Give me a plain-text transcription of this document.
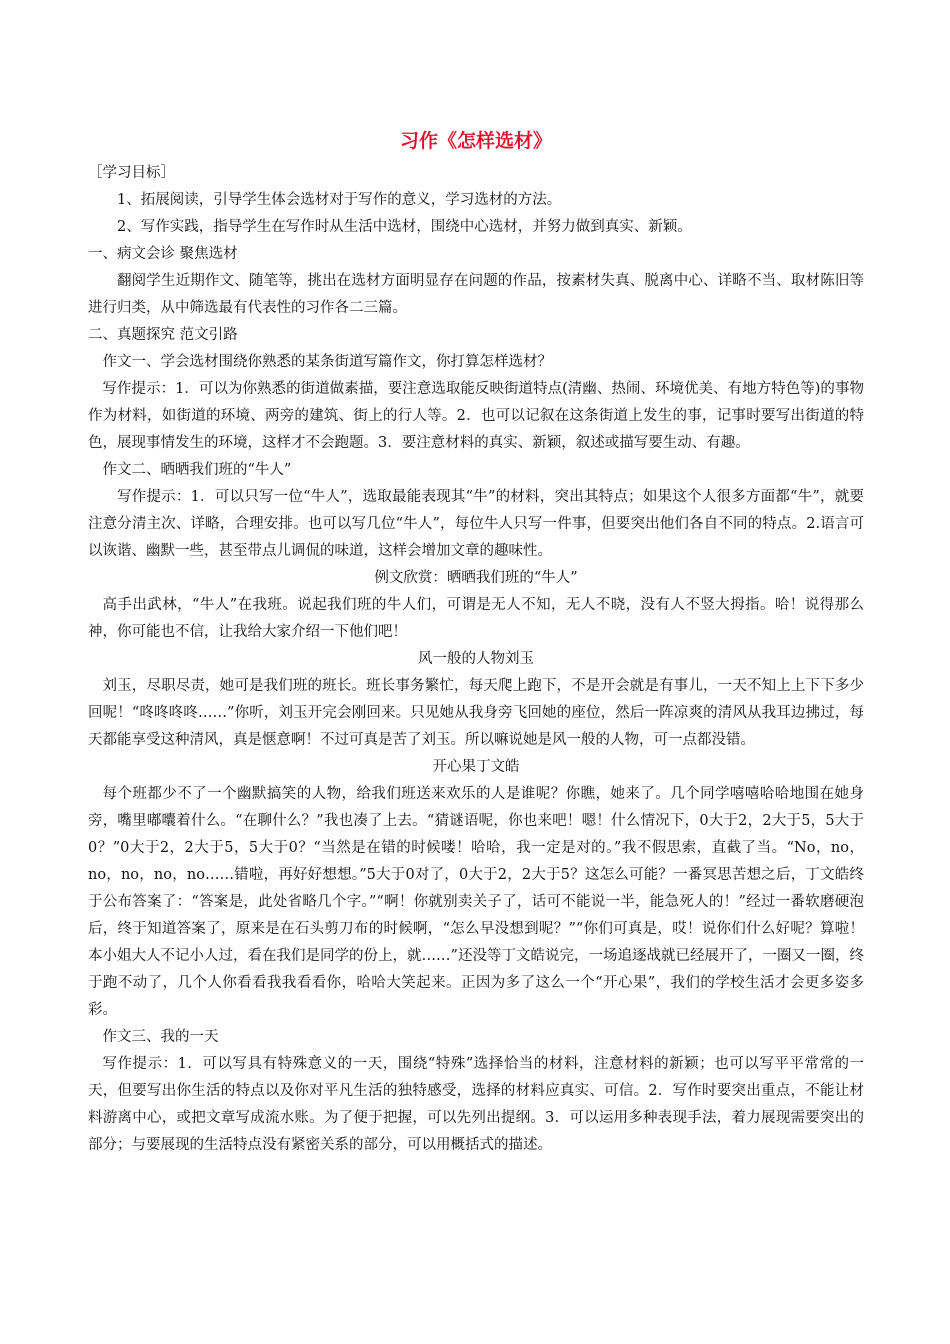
习作《怎样选材》

［学习目标］

1、拓展阅读，引导学生体会选材对于写作的意义，学习选材的方法。

2、写作实践，指导学生在写作时从生活中选材，围绕中心选材，并努力做到真实、新颖。

一、病文会诊 聚焦选材

翻阅学生近期作文、随笔等，挑出在选材方面明显存在问题的作品，按素材失真、脱离中心、详略不当、取材陈旧等进行归类，从中筛选最有代表性的习作各二三篇。

二、真题探究 范文引路

作文一、学会选材围绕你熟悉的某条街道写篇作文，你打算怎样选材？

写作提示：1．可以为你熟悉的街道做素描，要注意选取能反映街道特点(清幽、热闹、环境优美、有地方特色等)的事物作为材料，如街道的环境、两旁的建筑、街上的行人等。2．也可以记叙在这条街道上发生的事，记事时要写出街道的特色，展现事情发生的环境，这样才不会跑题。3．要注意材料的真实、新颖，叙述或描写要生动、有趣。

作文二、晒晒我们班的“牛人”

写作提示：1．可以只写一位“牛人”，选取最能表现其“牛”的材料，突出其特点；如果这个人很多方面都“牛”，就要注意分清主次、详略，合理安排。也可以写几位“牛人”，每位牛人只写一件事，但要突出他们各自不同的特点。2.语言可以诙谐、幽默一些，甚至带点儿调侃的味道，这样会增加文章的趣味性。

例文欣赏：晒晒我们班的“牛人”

高手出武林，“牛人”在我班。说起我们班的牛人们，可谓是无人不知，无人不晓，没有人不竖大拇指。哈！说得那么神，你可能也不信，让我给大家介绍一下他们吧！

风一般的人物刘玉

刘玉，尽职尽责，她可是我们班的班长。班长事务繁忙，每天爬上跑下，不是开会就是有事儿，一天不知上上下下多少回呢！“咚咚咚咚……”你听，刘玉开完会刚回来。只见她从我身旁飞回她的座位，然后一阵凉爽的清风从我耳边拂过，每天都能享受这种清风，真是惬意啊！不过可真是苦了刘玉。所以嘛说她是风一般的人物，可一点都没错。

开心果丁文皓

每个班都少不了一个幽默搞笑的人物，给我们班送来欢乐的人是谁呢？你瞧，她来了。几个同学嘻嘻哈哈地围在她身旁，嘴里嘟囔着什么。“在聊什么？”我也凑了上去。“猜谜语呢，你也来吧！嗯！什么情况下，0大于2，2大于5，5大于0？”0大于2，2大于5，5大于0？“当然是在错的时候喽！哈哈，我一定是对的。”我不假思索，直截了当。“No，no，no，no，no，no……错啦，再好好想想。”5大于0对了，0大于2，2大于5？这怎么可能？一番冥思苦想之后，丁文皓终于公布答案了：“答案是，此处省略几个字。”“啊！你就别卖关子了，话可不能说一半，能急死人的！”经过一番软磨硬泡后，终于知道答案了，原来是在石头剪刀布的时候啊，“怎么早没想到呢？”“你们可真是，哎！说你们什么好呢？算啦！本小姐大人不记小人过，看在我们是同学的份上，就……”还没等丁文皓说完，一场追逐战就已经展开了，一圈又一圈，终于跑不动了，几个人你看看我我看看你，哈哈大笑起来。正因为多了这么一个“开心果”，我们的学校生活才会更多姿多彩。

作文三、我的一天

写作提示：1．可以写具有特殊意义的一天，围绕“特殊”选择恰当的材料，注意材料的新颖；也可以写平平常常的一天，但要写出你生活的特点以及你对平凡生活的独特感受，选择的材料应真实、可信。2．写作时要突出重点，不能让材料游离中心，或把文章写成流水账。为了便于把握，可以先列出提纲。3．可以运用多种表现手法，着力展现需要突出的部分；与要展现的生活特点没有紧密关系的部分，可以用概括式的描述。
